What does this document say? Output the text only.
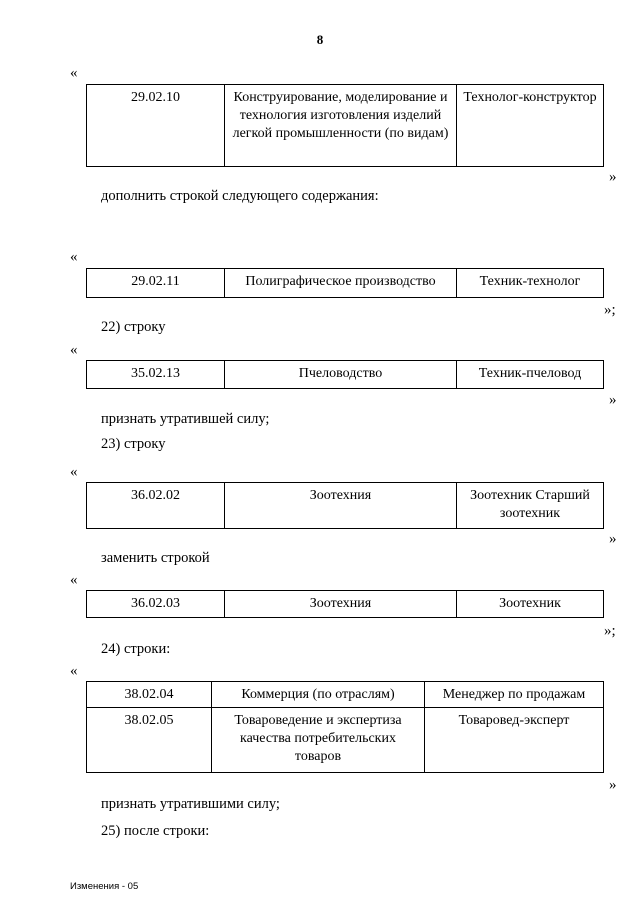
8
«
29.02.10	Конструирование, моделирование и технология изготовления изделий легкой промышленности (по видам)	Технолог-конструктор
»
дополнить строкой следующего содержания:
«
29.02.11	Полиграфическое производство	Техник-технолог
»;
22) строку
«
35.02.13	Пчеловодство	Техник-пчеловод
»
признать утратившей силу;
23) строку
«
36.02.02	Зоотехния	Зоотехник Старший зоотехник
»
заменить строкой
«
36.02.03	Зоотехния	Зоотехник
»;
24) строки:
«
38.02.04	Коммерция (по отраслям)	Менеджер по продажам
38.02.05	Товароведение и экспертиза качества потребительских товаров	Товаровед-эксперт
»
признать утратившими силу;
25) после строки:
Изменения - 05
